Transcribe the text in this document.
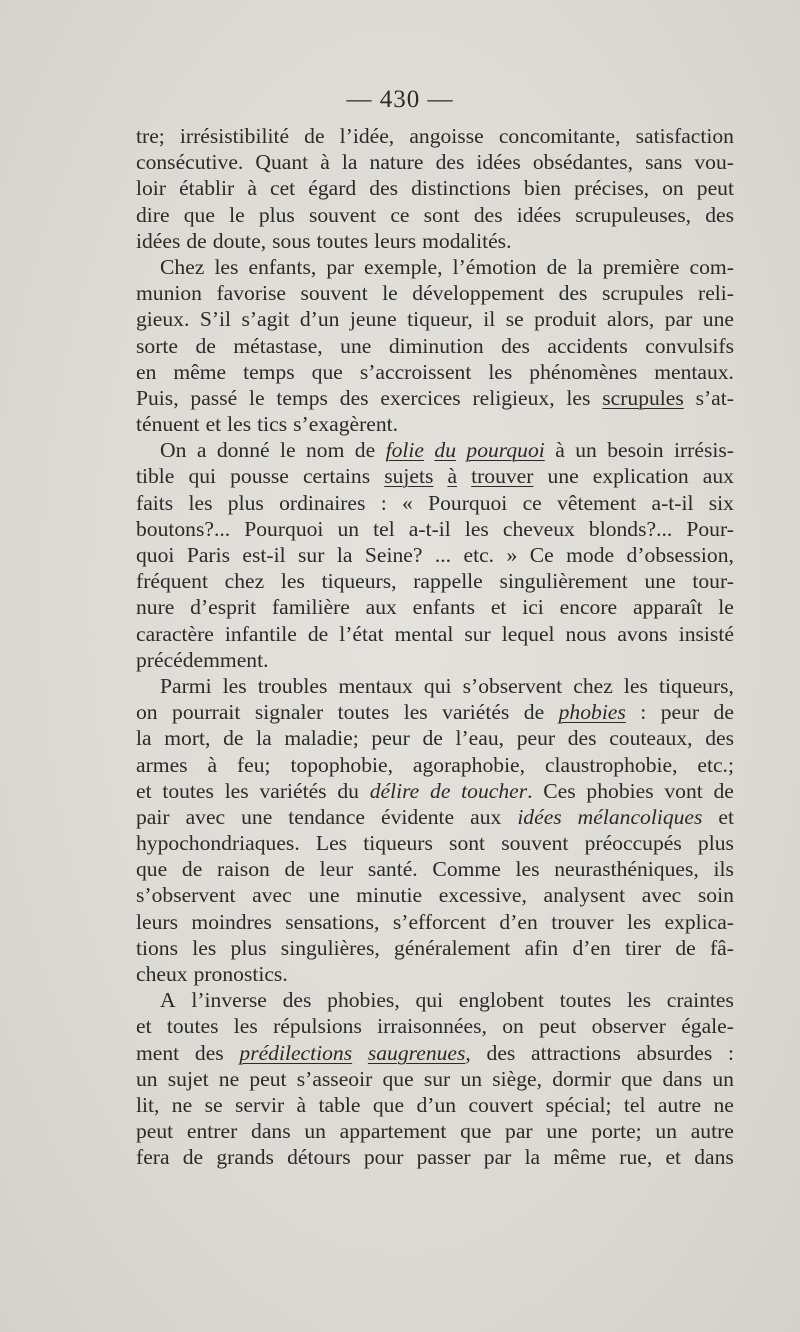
— 430 —
tre; irrésistibilité de l’idée, angoisse concomitante, satisfaction
consécutive. Quant à la nature des idées obsédantes, sans vou-
loir établir à cet égard des distinctions bien précises, on peut
dire que le plus souvent ce sont des idées scrupuleuses, des
idées de doute, sous toutes leurs modalités.
Chez les enfants, par exemple, l’émotion de la première com-
munion favorise souvent le développement des scrupules reli-
gieux. S’il s’agit d’un jeune tiqueur, il se produit alors, par une
sorte de métastase, une diminution des accidents convulsifs
en même temps que s’accroissent les phénomènes mentaux.
Puis, passé le temps des exercices religieux, les scrupules s’at-
ténuent et les tics s’exagèrent.
On a donné le nom de folie du pourquoi à un besoin irrésis-
tible qui pousse certains sujets à trouver une explication aux
faits les plus ordinaires : « Pourquoi ce vêtement a-t-il six
boutons?... Pourquoi un tel a-t-il les cheveux blonds?... Pour-
quoi Paris est-il sur la Seine? ... etc. » Ce mode d’obsession,
fréquent chez les tiqueurs, rappelle singulièrement une tour-
nure d’esprit familière aux enfants et ici encore apparaît le
caractère infantile de l’état mental sur lequel nous avons insisté
précédemment.
Parmi les troubles mentaux qui s’observent chez les tiqueurs,
on pourrait signaler toutes les variétés de phobies : peur de
la mort, de la maladie; peur de l’eau, peur des couteaux, des
armes à feu; topophobie, agoraphobie, claustrophobie, etc.;
et toutes les variétés du délire de toucher. Ces phobies vont de
pair avec une tendance évidente aux idées mélancoliques et
hypochondriaques. Les tiqueurs sont souvent préoccupés plus
que de raison de leur santé. Comme les neurasthéniques, ils
s’observent avec une minutie excessive, analysent avec soin
leurs moindres sensations, s’efforcent d’en trouver les explica-
tions les plus singulières, généralement afin d’en tirer de fâ-
cheux pronostics.
A l’inverse des phobies, qui englobent toutes les craintes
et toutes les répulsions irraisonnées, on peut observer égale-
ment des prédilections saugrenues, des attractions absurdes :
un sujet ne peut s’asseoir que sur un siège, dormir que dans un
lit, ne se servir à table que d’un couvert spécial; tel autre ne
peut entrer dans un appartement que par une porte; un autre
fera de grands détours pour passer par la même rue, et dans
